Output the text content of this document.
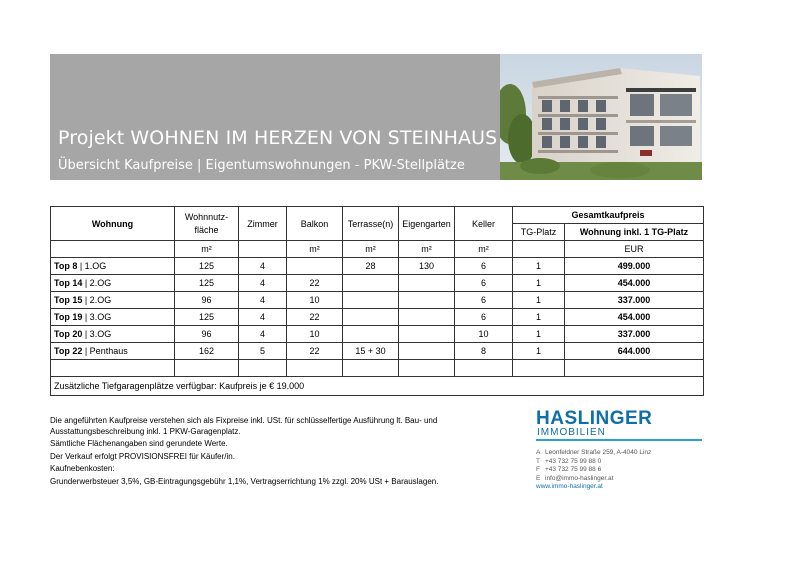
Projekt WOHNEN IM HERZEN VON STEINHAUS
Übersicht Kaufpreise | Eigentumswohnungen - PKW-Stellplätze
Wohnung	Wohnnutz- fläche	Zimmer	Balkon	Terrasse(n)	Eigengarten	Keller	Gesamtkaufpreis	
							TG-Platz	Wohnung inkl. 1 TG-Platz
	m²		m²	m²	m²	m²		EUR
Top 8 | 1.OG	125	4		28	130	6	1	499.000
Top 14 | 2.OG	125	4	22			6	1	454.000
Top 15 | 2.OG	96	4	10			6	1	337.000
Top 19 | 3.OG	125	4	22			6	1	454.000
Top 20 | 3.OG	96	4	10			10	1	337.000
Top 22 | Penthaus	162	5	22	15 + 30		8	1	644.000

Zusätzliche Tiefgaragenplätze verfügbar: Kaufpreis je € 19.000								

Die angeführten Kaufpreise verstehen sich als Fixpreise inkl. USt. für schlüsselfertige Ausführung lt. Bau- und Ausstattungsbeschreibung inkl. 1 PKW-Garagenplatz.

Sämtliche Flächenangaben sind gerundete Werte.

Der Verkauf erfolgt PROVISIONSFREI für Käufer/in.

Kaufnebenkosten:

Grunderwerbsteuer 3,5%, GB-Eintragungsgebühr 1,1%, Vertragserrichtung 1% zzgl. 20% USt + Barauslagen.

HASLINGER
IMMOBILIEN
A Leonfeldner Straße 259, A-4040 Linz
T +43 732 75 99 88 0
F +43 732 75 99 88 6
E info@immo-haslinger.at
www.immo-haslinger.at
